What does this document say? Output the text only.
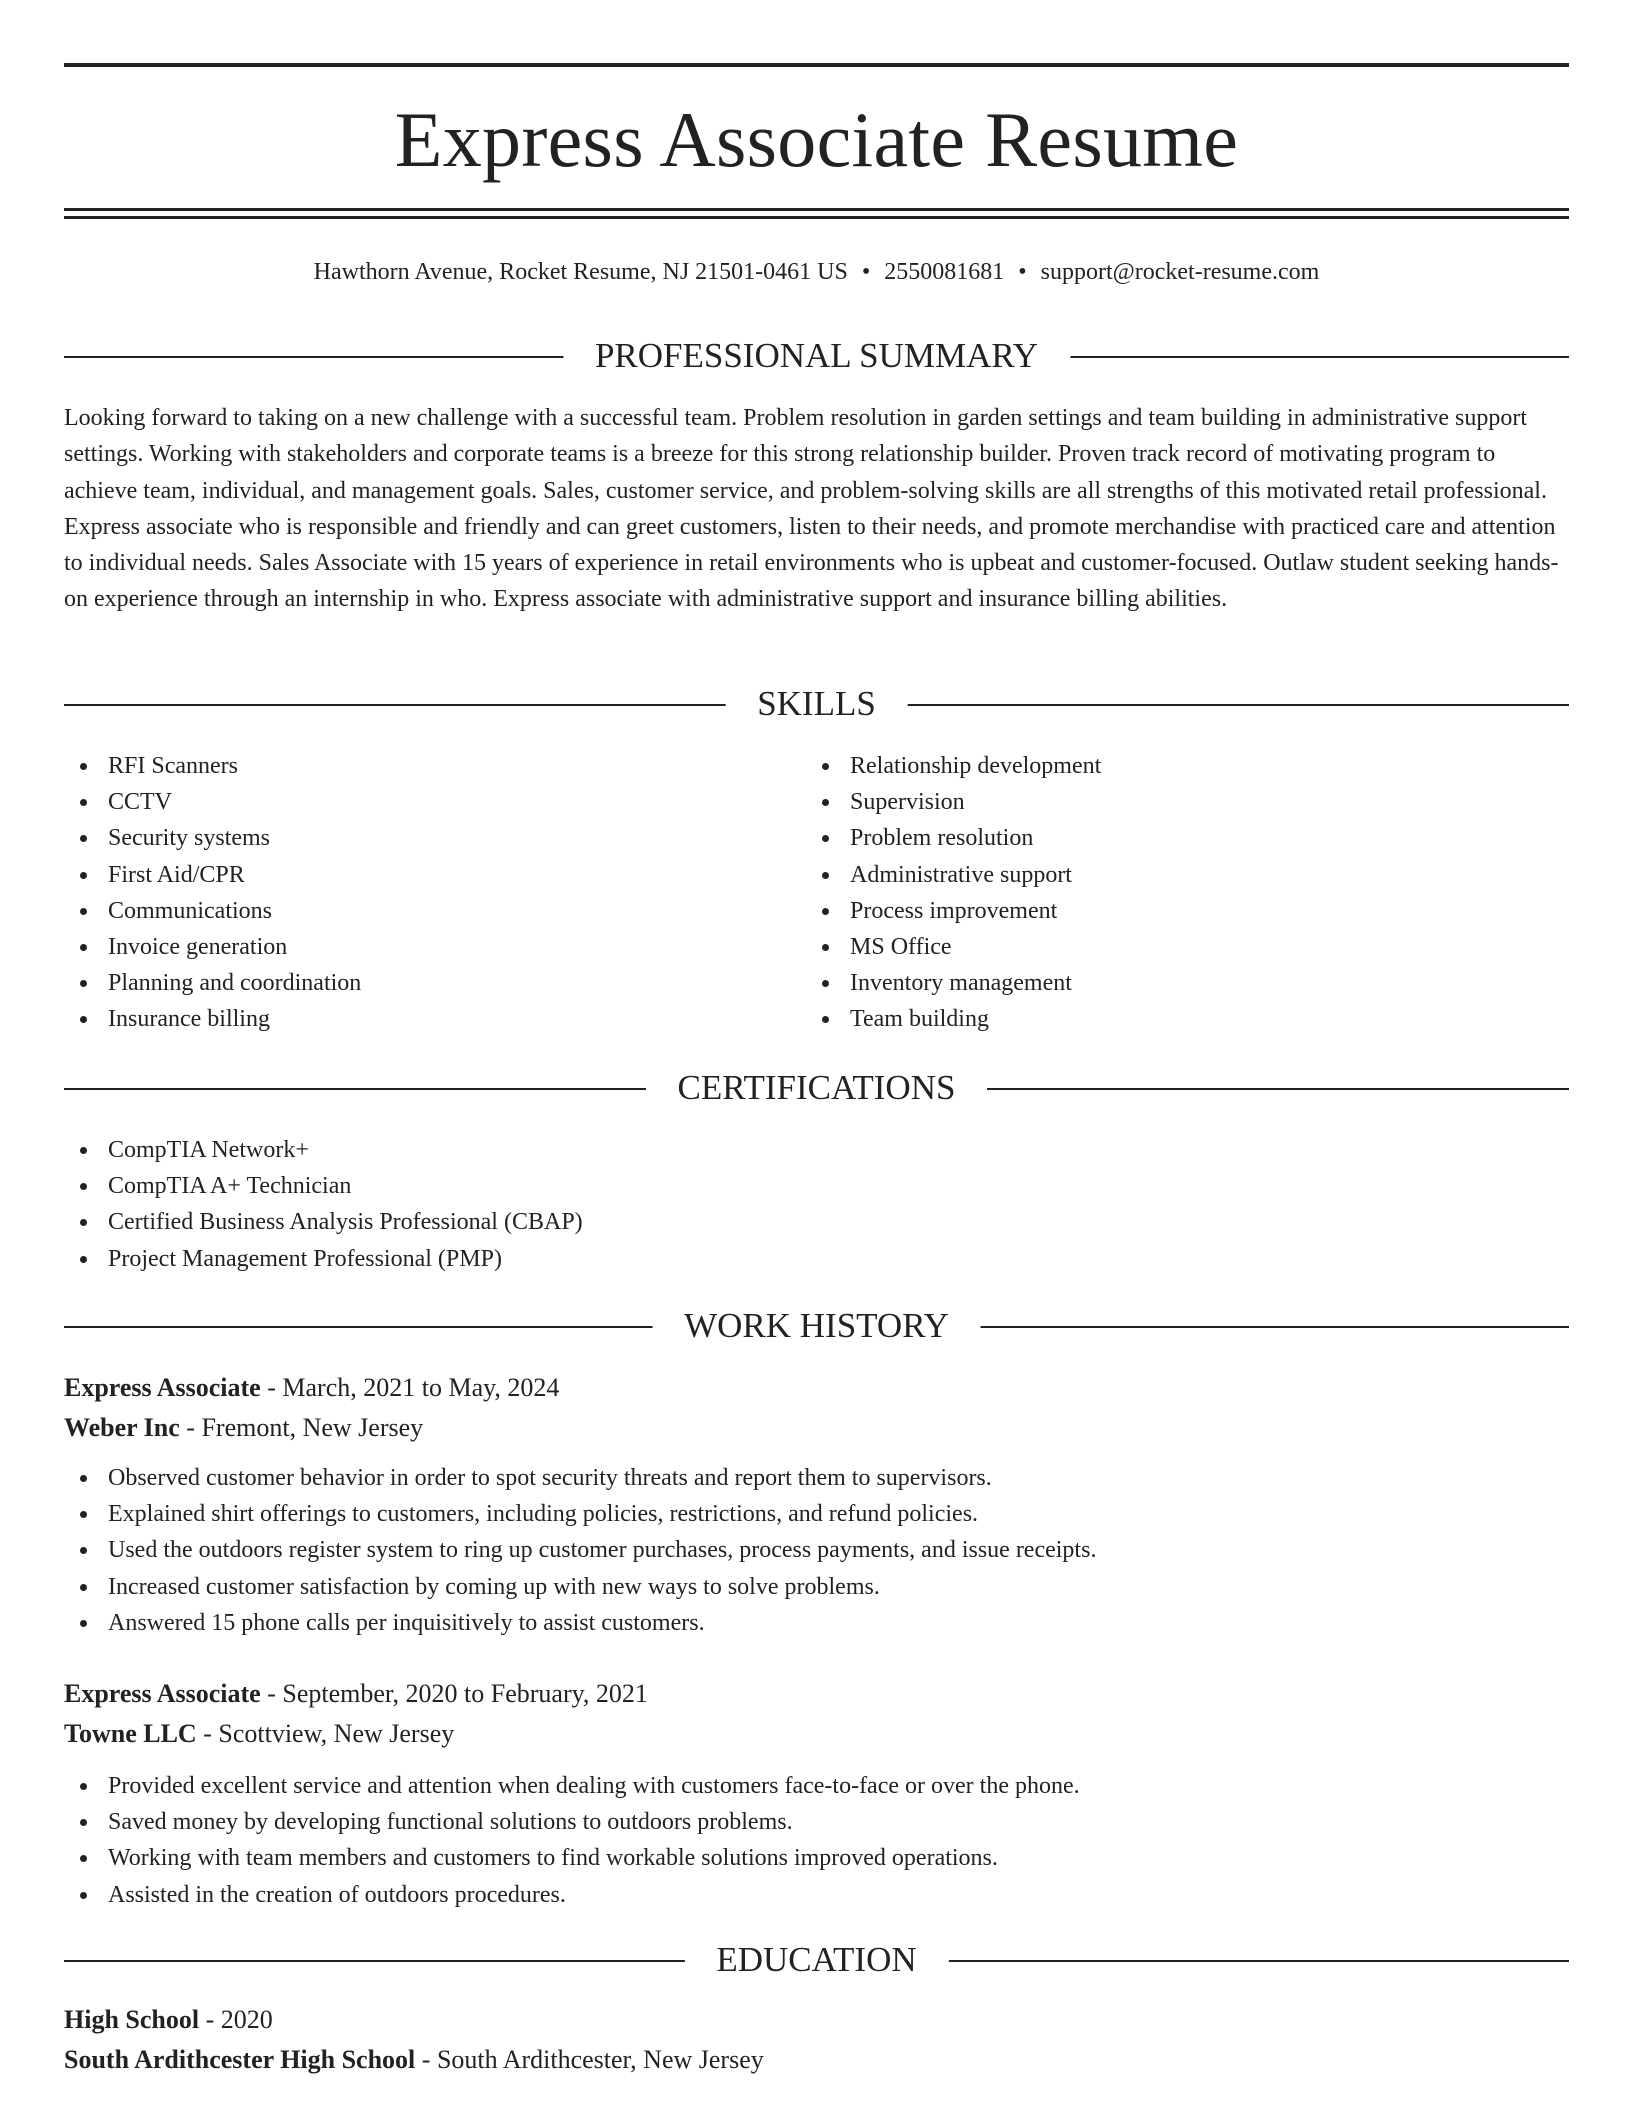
Express Associate Resume
Hawthorn Avenue, Rocket Resume, NJ 21501-0461 US • 2550081681 • support@rocket-resume.com
PROFESSIONAL SUMMARY

Looking forward to taking on a new challenge with a successful team. Problem resolution in garden settings and team building in administrative support settings. Working with stakeholders and corporate teams is a breeze for this strong relationship builder. Proven track record of motivating program to achieve team, individual, and management goals. Sales, customer service, and problem-solving skills are all strengths of this motivated retail professional. Express associate who is responsible and friendly and can greet customers, listen to their needs, and promote merchandise with practiced care and attention to individual needs. Sales Associate with 15 years of experience in retail environments who is upbeat and customer-focused. Outlaw student seeking hands-on experience through an internship in who. Express associate with administrative support and insurance billing abilities.

SKILLS
RFI Scanners
CCTV
Security systems
First Aid/CPR
Communications
Invoice generation
Planning and coordination
Insurance billing
Relationship development
Supervision
Problem resolution
Administrative support
Process improvement
MS Office
Inventory management
Team building
CERTIFICATIONS
CompTIA Network+
CompTIA A+ Technician
Certified Business Analysis Professional (CBAP)
Project Management Professional (PMP)
WORK HISTORY
Express Associate - March, 2021 to May, 2024
Weber Inc - Fremont, New Jersey
Observed customer behavior in order to spot security threats and report them to supervisors.
Explained shirt offerings to customers, including policies, restrictions, and refund policies.
Used the outdoors register system to ring up customer purchases, process payments, and issue receipts.
Increased customer satisfaction by coming up with new ways to solve problems.
Answered 15 phone calls per inquisitively to assist customers.
Express Associate - September, 2020 to February, 2021
Towne LLC - Scottview, New Jersey
Provided excellent service and attention when dealing with customers face-to-face or over the phone.
Saved money by developing functional solutions to outdoors problems.
Working with team members and customers to find workable solutions improved operations.
Assisted in the creation of outdoors procedures.
EDUCATION
High School - 2020
South Ardithcester High School - South Ardithcester, New Jersey
